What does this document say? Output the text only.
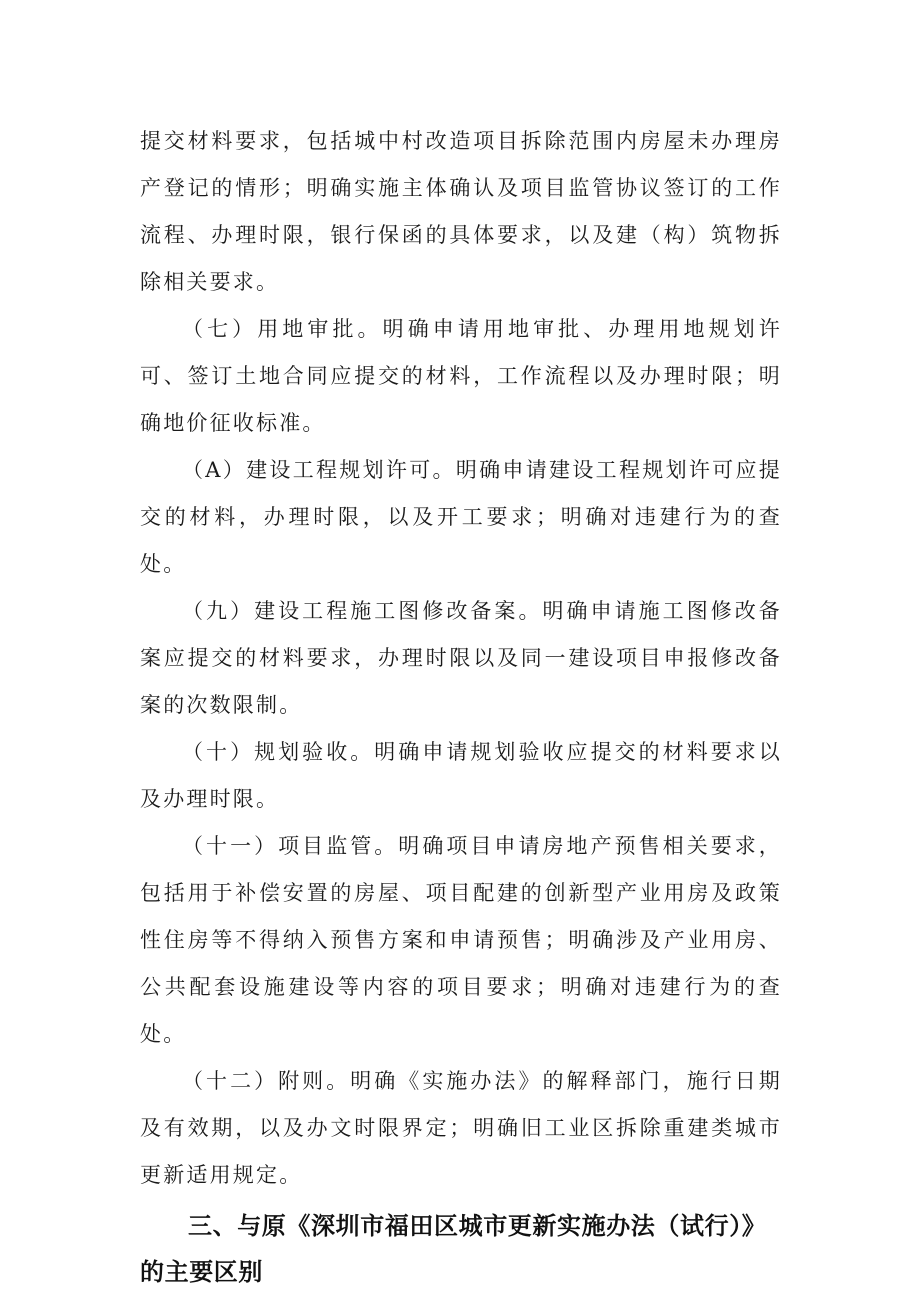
提交材料要求，包括城中村改造项目拆除范围内房屋未办理房产登记的情形；明确实施主体确认及项目监管协议签订的工作流程、办理时限，银行保函的具体要求，以及建（构）筑物拆除相关要求。

（七）用地审批。明确申请用地审批、办理用地规划许可、签订土地合同应提交的材料，工作流程以及办理时限；明确地价征收标准。

（A）建设工程规划许可。明确申请建设工程规划许可应提交的材料，办理时限，以及开工要求；明确对违建行为的查处。

（九）建设工程施工图修改备案。明确申请施工图修改备案应提交的材料要求，办理时限以及同一建设项目申报修改备案的次数限制。

（十）规划验收。明确申请规划验收应提交的材料要求以及办理时限。

（十一）项目监管。明确项目申请房地产预售相关要求，包括用于补偿安置的房屋、项目配建的创新型产业用房及政策性住房等不得纳入预售方案和申请预售；明确涉及产业用房、公共配套设施建设等内容的项目要求；明确对违建行为的查处。

（十二）附则。明确《实施办法》的解释部门，施行日期及有效期，以及办文时限界定；明确旧工业区拆除重建类城市更新适用规定。

三、与原《深圳市福田区城市更新实施办法（试行）》的主要区别
